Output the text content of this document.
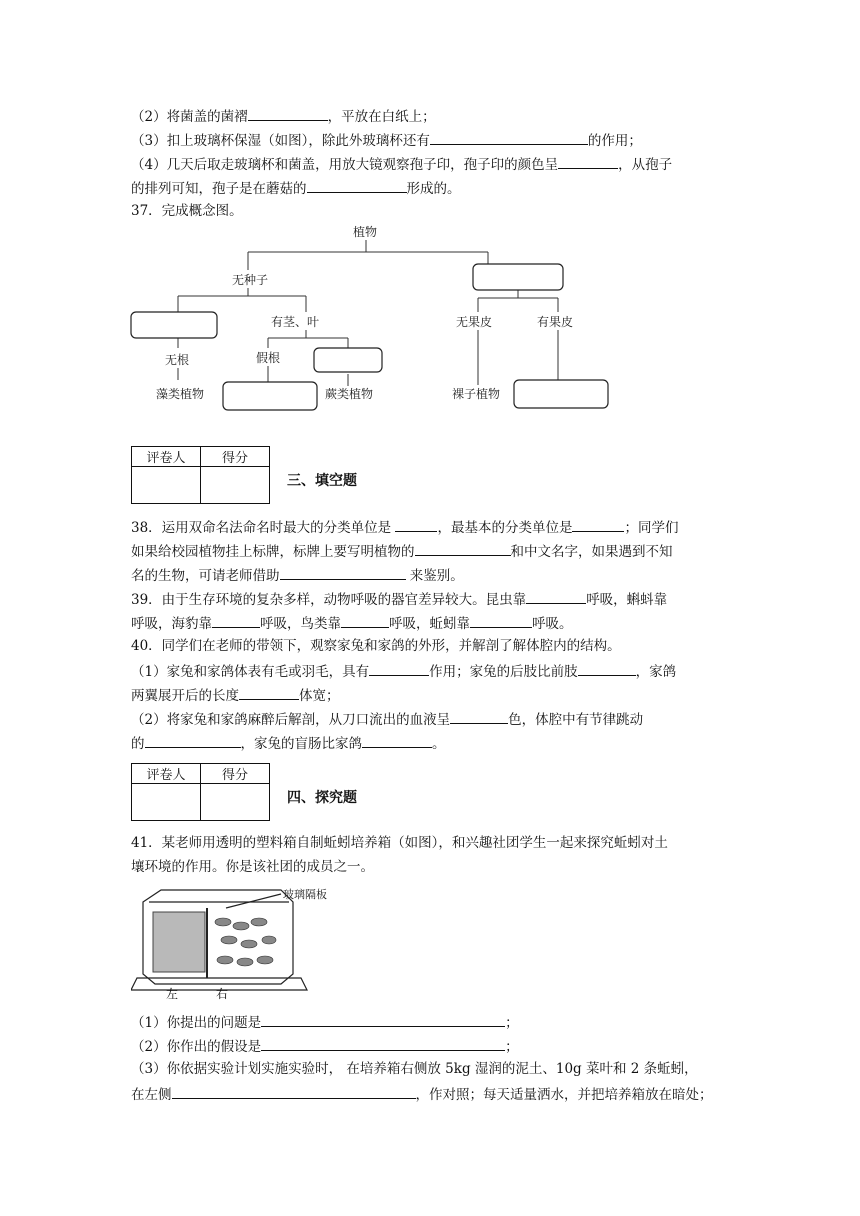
（2）将菌盖的菌褶	，平放在白纸上；
（3）扣上玻璃杯保湿（如图），除此外玻璃杯还有	的作用；
（4）几天后取走玻璃杯和菌盖，用放大镜观察孢子印，孢子印的颜色呈	，从孢子
的排列可知，孢子是在蘑菇的	形成的。
37．完成概念图。
植物
无种子
有茎、叶
无根	假根
藻类植物	蕨类植物
无果皮	有果皮
裸子植物
评卷人	得分

三、填空题
38．运用双命名法命名时最大的分类单位是	，最基本的分类单位是	；同学们
如果给校园植物挂上标牌，标牌上要写明植物的	和中文名字，如果遇到不知
名的生物，可请老师借助	来鉴别。
39．由于生存环境的复杂多样，动物呼吸的器官差异较大。昆虫靠	呼吸，蝌蚪靠
呼吸，海豹靠	呼吸，鸟类靠	呼吸，蚯蚓靠	呼吸。
40．同学们在老师的带领下，观察家兔和家鸽的外形，并解剖了解体腔内的结构。
（1）家兔和家鸽体表有毛或羽毛，具有	作用；家兔的后肢比前肢	，家鸽
两翼展开后的长度	体宽；
（2）将家兔和家鸽麻醉后解剖，从刀口流出的血液呈	色，体腔中有节律跳动
的	，家兔的盲肠比家鸽	。
评卷人	得分

四、探究题
41．某老师用透明的塑料箱自制蚯蚓培养箱（如图），和兴趣社团学生一起来探究蚯蚓对土
壤环境的作用。你是该社团的成员之一。
玻璃隔板
左	右
（1）你提出的问题是	；
（2）你作出的假设是	；
（3）你依据实验计划实施实验时， 在培养箱右侧放 5kg 湿润的泥土、10g 菜叶和 2 条蚯蚓，
在左侧	，作对照；每天适量洒水，并把培养箱放在暗处；
